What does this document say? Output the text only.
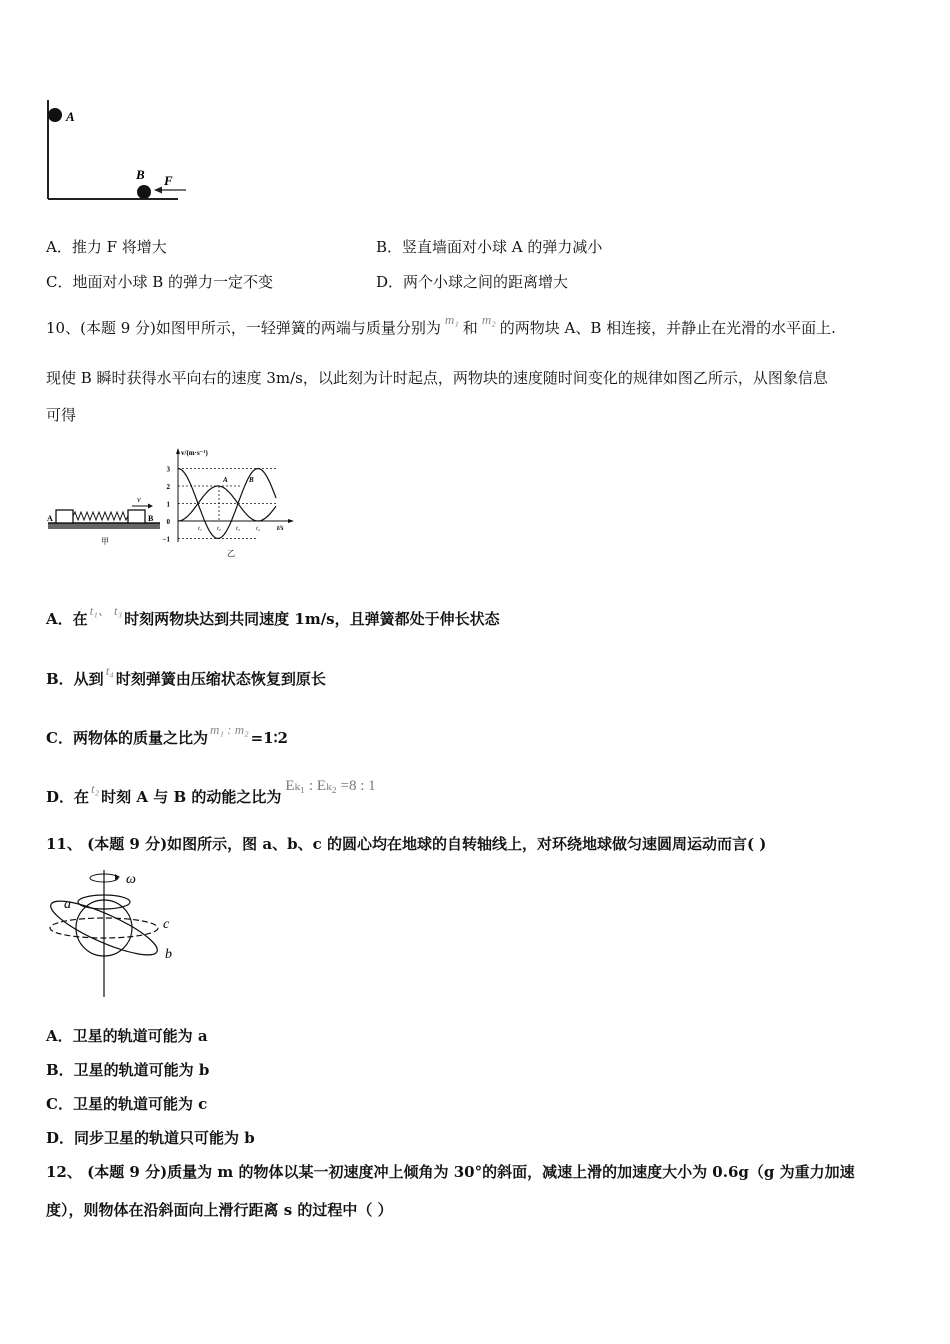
A
B F
A．推力 F 将增大	B．竖直墙面对小球 A 的弹力减小
C．地面对小球 B 的弹力一定不变	D．两个小球之间的距离增大
10、(本题 9 分)如图甲所示，一轻弹簧的两端与质量分别为 m₁ 和 m₂ 的两物块 A、B 相连接，并静止在光滑的水平面上.
现使 B 瞬时获得水平向右的速度 3m/s，以此刻为计时起点，两物块的速度随时间变化的规律如图乙所示，从图象信息
可得
A	B
v
甲
v/(m·s⁻¹)
t/s
3
2
1
0
−1
t₁	t₂	t₃	t₄
A	B
乙
A．在 t₁、 t₃ 时刻两物块达到共同速度 1m/s，且弹簧都处于伸长状态
B．从到 t₄ 时刻弹簧由压缩状态恢复到原长
C．两物体的质量之比为 m₁ : m₂ =1∶2
D．在 t₂ 时刻 A 与 B 的动能之比为Eₖ₁ : Eₖ₂ =8 : 1
11、 (本题 9 分)如图所示，图 a、b、c 的圆心均在地球的自转轴线上，对环绕地球做匀速圆周运动而言( )
ω
a
c
b
A．卫星的轨道可能为 a
B．卫星的轨道可能为 b
C．卫星的轨道可能为 c
D．同步卫星的轨道只可能为 b
12、 (本题 9 分)质量为 m 的物体以某一初速度冲上倾角为 30°的斜面，减速上滑的加速度大小为 0.6g（g 为重力加速
度），则物体在沿斜面向上滑行距离 s 的过程中（ ）
